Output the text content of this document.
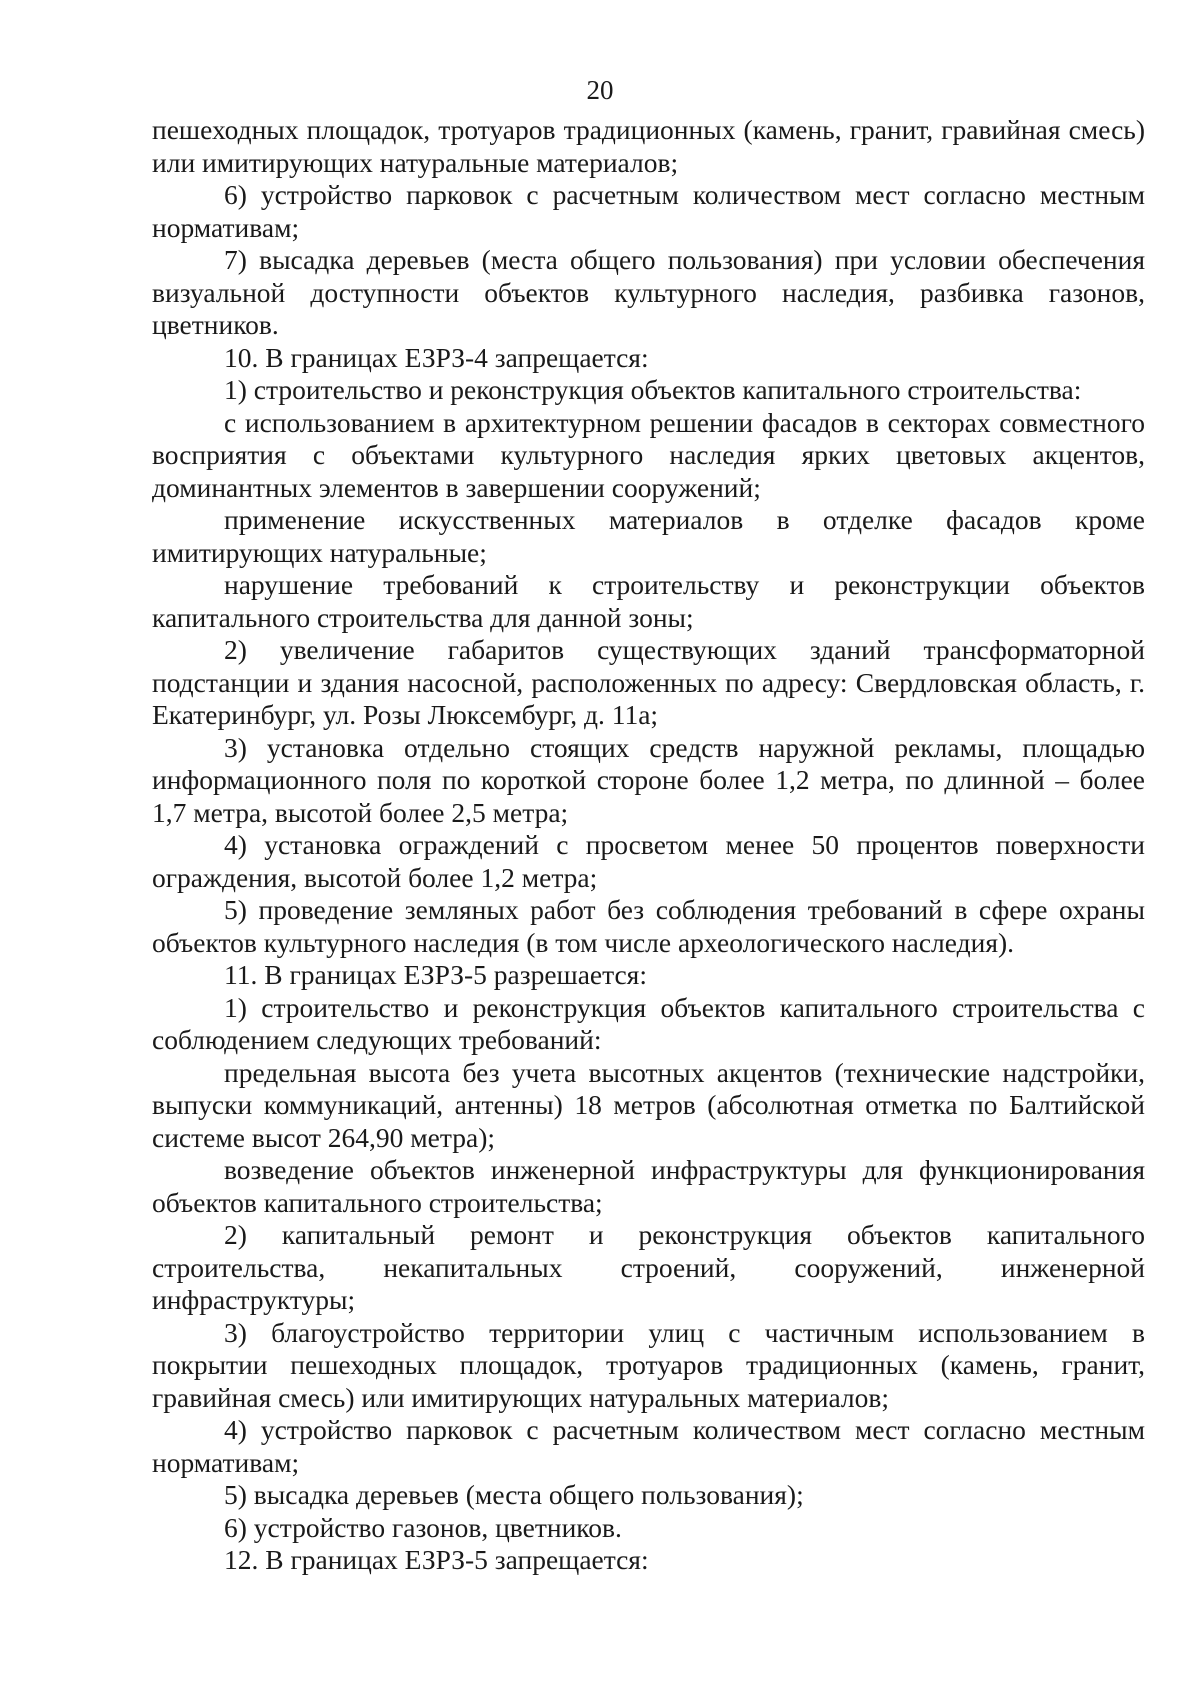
20

пешеходных площадок, тротуаров традиционных (камень, гранит, гравийная смесь) или имитирующих натуральные материалов;

6) устройство парковок с расчетным количеством мест согласно местным нормативам;

7) высадка деревьев (места общего пользования) при условии обеспечения визуальной доступности объектов культурного наследия, разбивка газонов, цветников.

10. В границах ЕЗРЗ-4 запрещается:

1) строительство и реконструкция объектов капитального строительства:

с использованием в архитектурном решении фасадов в секторах совместного восприятия с объектами культурного наследия ярких цветовых акцентов, доминантных элементов в завершении сооружений;

применение искусственных материалов в отделке фасадов кроме имитирующих натуральные;

нарушение требований к строительству и реконструкции объектов капитального строительства для данной зоны;

2) увеличение габаритов существующих зданий трансформаторной подстанции и здания насосной, расположенных по адресу: Свердловская область, г. Екатеринбург, ул. Розы Люксембург, д. 11а;

3) установка отдельно стоящих средств наружной рекламы, площадью информационного поля по короткой стороне более 1,2 метра, по длинной – более 1,7 метра, высотой более 2,5 метра;

4) установка ограждений с просветом менее 50 процентов поверхности ограждения, высотой более 1,2 метра;

5) проведение земляных работ без соблюдения требований в сфере охраны объектов культурного наследия (в том числе археологического наследия).

11. В границах ЕЗРЗ-5 разрешается:

1) строительство и реконструкция объектов капитального строительства с соблюдением следующих требований:

предельная высота без учета высотных акцентов (технические надстройки, выпуски коммуникаций, антенны) 18 метров (абсолютная отметка по Балтийской системе высот 264,90 метра);

возведение объектов инженерной инфраструктуры для функционирования объектов капитального строительства;

2) капитальный ремонт и реконструкция объектов капитального строительства, некапитальных строений, сооружений, инженерной инфраструктуры;

3) благоустройство территории улиц с частичным использованием в покрытии пешеходных площадок, тротуаров традиционных (камень, гранит, гравийная смесь) или имитирующих натуральных материалов;

4) устройство парковок с расчетным количеством мест согласно местным нормативам;

5) высадка деревьев (места общего пользования);

6) устройство газонов, цветников.

12. В границах ЕЗРЗ-5 запрещается:
